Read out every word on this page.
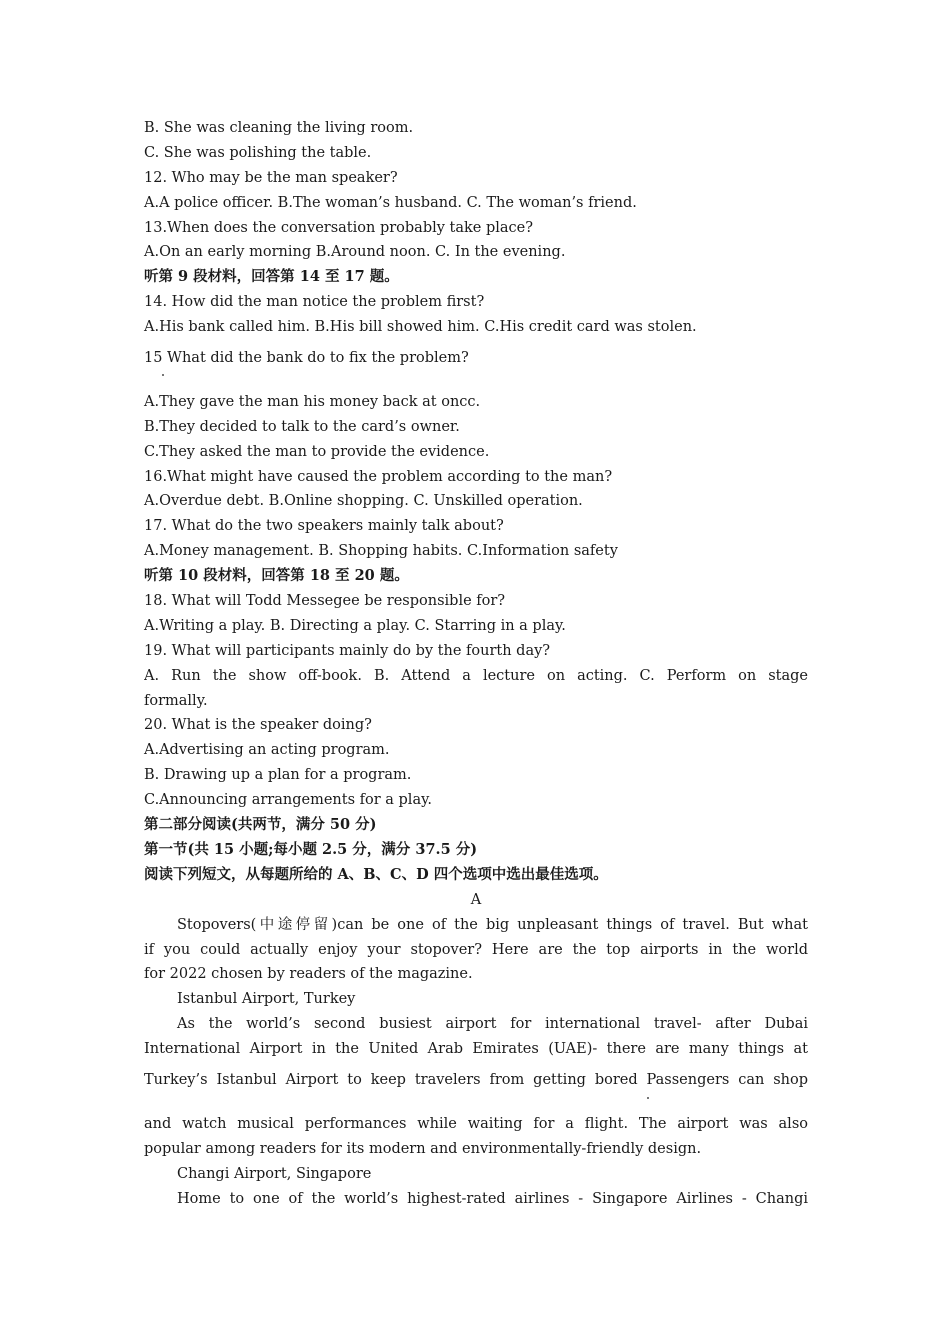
B. She was cleaning the living room.
C. She was polishing the table.
12. Who may be the man speaker?
A.A police officer. B.The woman’s husband. C. The woman’s friend.
13.When does the conversation probably take place?
A.On an early morning B.Around noon. C. In the evening.
听第 9 段材料，回答第 14 至 17 题。
14. How did the man notice the problem first?
A.His bank called him. B.His bill showed him. C.His credit card was stolen.
15 What did the bank do to fix the problem?
A.They gave the man his money back at oncc.
B.They decided to talk to the card’s owner.
C.They asked the man to provide the evidence.
16.What might have caused the problem according to the man?
A.Overdue debt. B.Online shopping. C. Unskilled operation.
17. What do the two speakers mainly talk about?
A.Money management. B. Shopping habits. C.Information safety
听第 10 段材料，回答第 18 至 20 题。
18. What will Todd Messegee be responsible for?
A.Writing a play. B. Directing a play. C. Starring in a play.
19. What will participants mainly do by the fourth day?
A. Run the show off-book. B. Attend a lecture on acting. C. Perform on stage
formally.
20. What is the speaker doing?
A.Advertising an acting program.
B. Drawing up a plan for a program.
C.Announcing arrangements for a play.
第二部分阅读(共两节，满分 50 分)
第一节(共 15 小题;每小题 2.5 分，满分 37.5 分)
阅读下列短文，从每题所给的 A、B、C、D 四个选项中选出最佳选项。
A
Stopovers(中途停留)can be one of the big unpleasant things of travel. But what
if you could actually enjoy your stopover? Here are the top airports in the world
for 2022 chosen by readers of the magazine.
Istanbul Airport, Turkey
As the world’s second busiest airport for international travel- after Dubai
International Airport in the United Arab Emirates (UAE)- there are many things at
Turkey’s Istanbul Airport to keep travelers from getting bored Passengers can shop
and watch musical performances while waiting for a flight. The airport was also
popular among readers for its modern and environmentally-friendly design.
Changi Airport, Singapore
Home to one of the world’s highest-rated airlines - Singapore Airlines - Changi
